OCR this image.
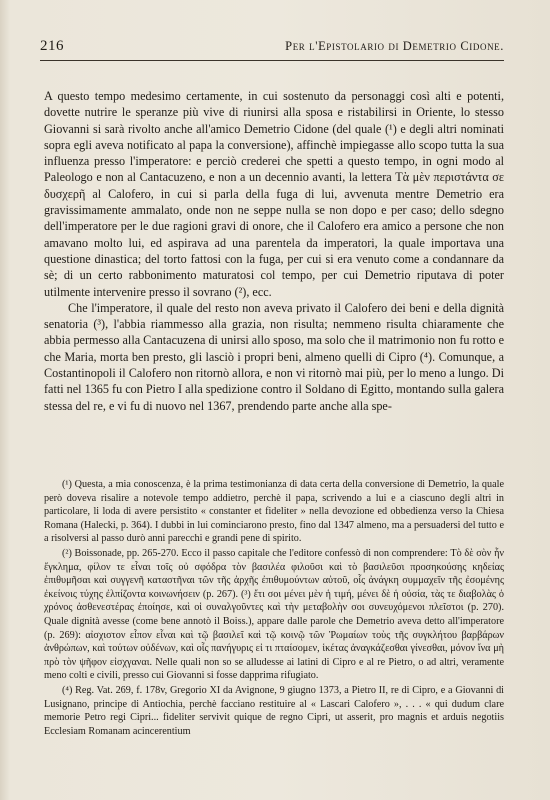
216	Per l'Epistolario di Demetrio Cidone.

A questo tempo medesimo certamente, in cui sostenuto da personaggi così alti e potenti, dovette nutrire le speranze più vive di riunirsi alla sposa e ristabilirsi in Oriente, lo stesso Giovanni si sarà rivolto anche all'amico Demetrio Cidone (del quale (¹) e degli altri nominati sopra egli aveva notificato al papa la conversione), affinchè impiegasse allo scopo tutta la sua influenza presso l'imperatore: e perciò crederei che spetti a questo tempo, in ogni modo al Paleologo e non al Cantacuzeno, e non a un decennio avanti, la lettera Τὰ μὲν περιστάντα σε δυσχερῆ al Calofero, in cui si parla della fuga di lui, avvenuta mentre Demetrio era gravissimamente ammalato, onde non ne seppe nulla se non dopo e per caso; dello sdegno dell'imperatore per le due ragioni gravi di onore, che il Calofero era amico a persone che non amavano molto lui, ed aspirava ad una parentela da imperatori, la quale importava una questione dinastica; del torto fattosi con la fuga, per cui si era venuto come a condannare da sè; di un certo rabbonimento maturatosi col tempo, per cui Demetrio riputava di poter utilmente intervenire presso il sovrano (²), ecc.

Che l'imperatore, il quale del resto non aveva privato il Calofero dei beni e della dignità senatoria (³), l'abbia riammesso alla grazia, non risulta; nemmeno risulta chiaramente che abbia permesso alla Cantacuzena di unirsi allo sposo, ma solo che il matrimonio non fu rotto e che Maria, morta ben presto, gli lasciò i propri beni, almeno quelli di Cipro (⁴). Comunque, a Costantinopoli il Calofero non ritornò allora, e non vi ritornò mai più, per lo meno a lungo. Di fatti nel 1365 fu con Pietro I alla spedizione contro il Soldano di Egitto, montando sulla galera stessa del re, e vi fu di nuovo nel 1367, prendendo parte anche alla spe-

(¹) Questa, a mia conoscenza, è la prima testimonianza di data certa della conversione di Demetrio, la quale però doveva risalire a notevole tempo addietro, perchè il papa, scrivendo a lui e a ciascuno degli altri in particolare, li loda di avere persistito « constanter et fideliter » nella devozione ed obbedienza verso la Chiesa Romana (Halecki, p. 364). I dubbi in lui cominciarono presto, fino dal 1347 almeno, ma a persuadersi del tutto e a risolversi al passo durò anni parecchi e grandi pene di spirito.

(²) Boissonade, pp. 265-270. Ecco il passo capitale che l'editore confessò di non comprendere: Τὸ δὲ σὸν ἦν ἔγκλημα, φίλον τε εἶναι τοῖς οὐ σφόδρα τὸν βασιλέα φιλοῦσι καὶ τὸ βασιλεῦσι προσηκούσης κηδείας ἐπιθυμῆσαι καὶ συγγενῆ καταστῆναι τῶν τῆς ἀρχῆς ἐπιθυμούντων αὐτοῦ, οἷς ἀνάγκη συμμαχεῖν τῆς ἐσομένης ἐκείνοις τύχης ἐλπίζοντα κοινωνήσειν (p. 267). (³) ἔτι σοι μένει μὲν ἡ τιμή, μένει δὲ ἡ οὐσία, τὰς τε διαβολὰς ὁ χρόνος ἀσθενεστέρας ἐποίησε, καὶ οἱ συναλγοῦντες καὶ τὴν μεταβολὴν σοι συνευχόμενοι πλεῖστοι (p. 270). Quale dignità avesse (come bene annotò il Boiss.), appare dalle parole che Demetrio aveva detto all'imperatore (p. 269): αἰσχιστον εἶπον εἶναι καὶ τῷ βασιλεῖ καὶ τῷ κοινῷ τῶν Ῥωμαίων τοὺς τῆς συγκλήτου βαρβάρων ἀνθρώπων, καὶ τούτων οὐδένων, καὶ οἷς πανήγυρις εἰ τι πταίσομεν, ἱκέτας ἀναγκάζεσθαι γίνεσθαι, μόνον ἵνα μὴ πρὸ τὸν ψῆφον εἰσχγαναι. Nelle quali non so se alludesse ai latini di Cipro e al re Pietro, o ad altri, veramente meno colti e civili, presso cui Giovanni si fosse dapprima rifugiato.

(⁴) Reg. Vat. 269, f. 178v, Gregorio XI da Avignone, 9 giugno 1373, a Pietro II, re di Cipro, e a Giovanni di Lusignano, principe di Antiochia, perchè facciano restituire al « Lascari Calofero », . . . « qui dudum clare memorie Petro regi Cipri... fideliter servivit quique de regno Cipri, ut asserit, pro magnis et arduis negotiis Ecclesiam Romanam acincerentium
